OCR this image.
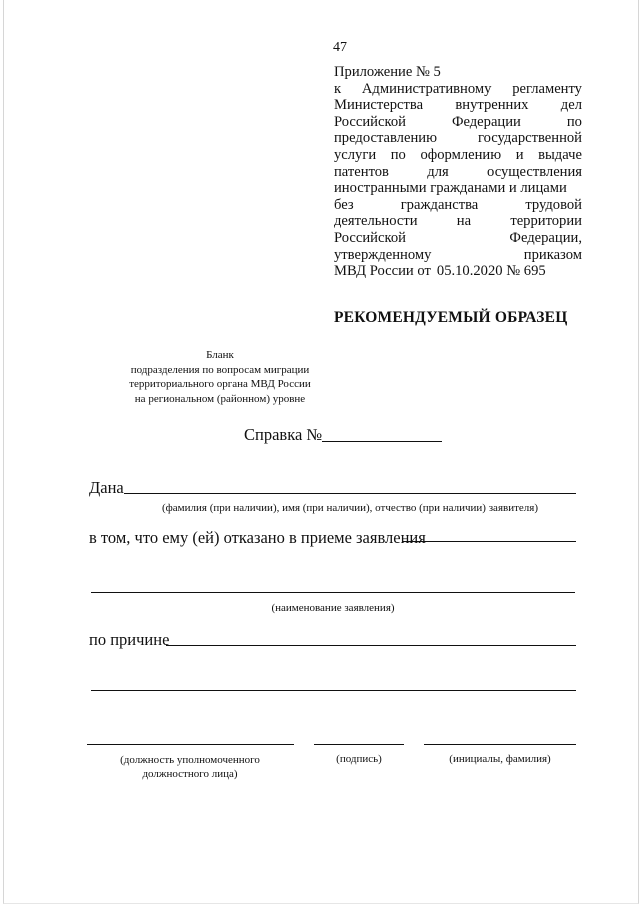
47
Приложение № 5
к Административному регламенту
Министерства внутренних дел
Российской	Федерации	по
предоставлению	государственной
услуги по оформлению и выдаче
патентов	для	осуществления
иностранными гражданами и лицами
без	гражданства	трудовой
деятельности	на	территории
Российской	Федерации,
утвержденному	приказом
МВД России от 05.10.2020 № 695
РЕКОМЕНДУЕМЫЙ ОБРАЗЕЦ
Бланк
подразделения по вопросам миграции
территориального органа МВД России
на региональном (районном) уровне
Справка №
Дана
(фамилия (при наличии), имя (при наличии), отчество (при наличии) заявителя)
в том, что ему (ей) отказано в приеме заявления
(наименование заявления)
по причине
(должность уполномоченного должностного лица)
(подпись)	(инициалы, фамилия)
